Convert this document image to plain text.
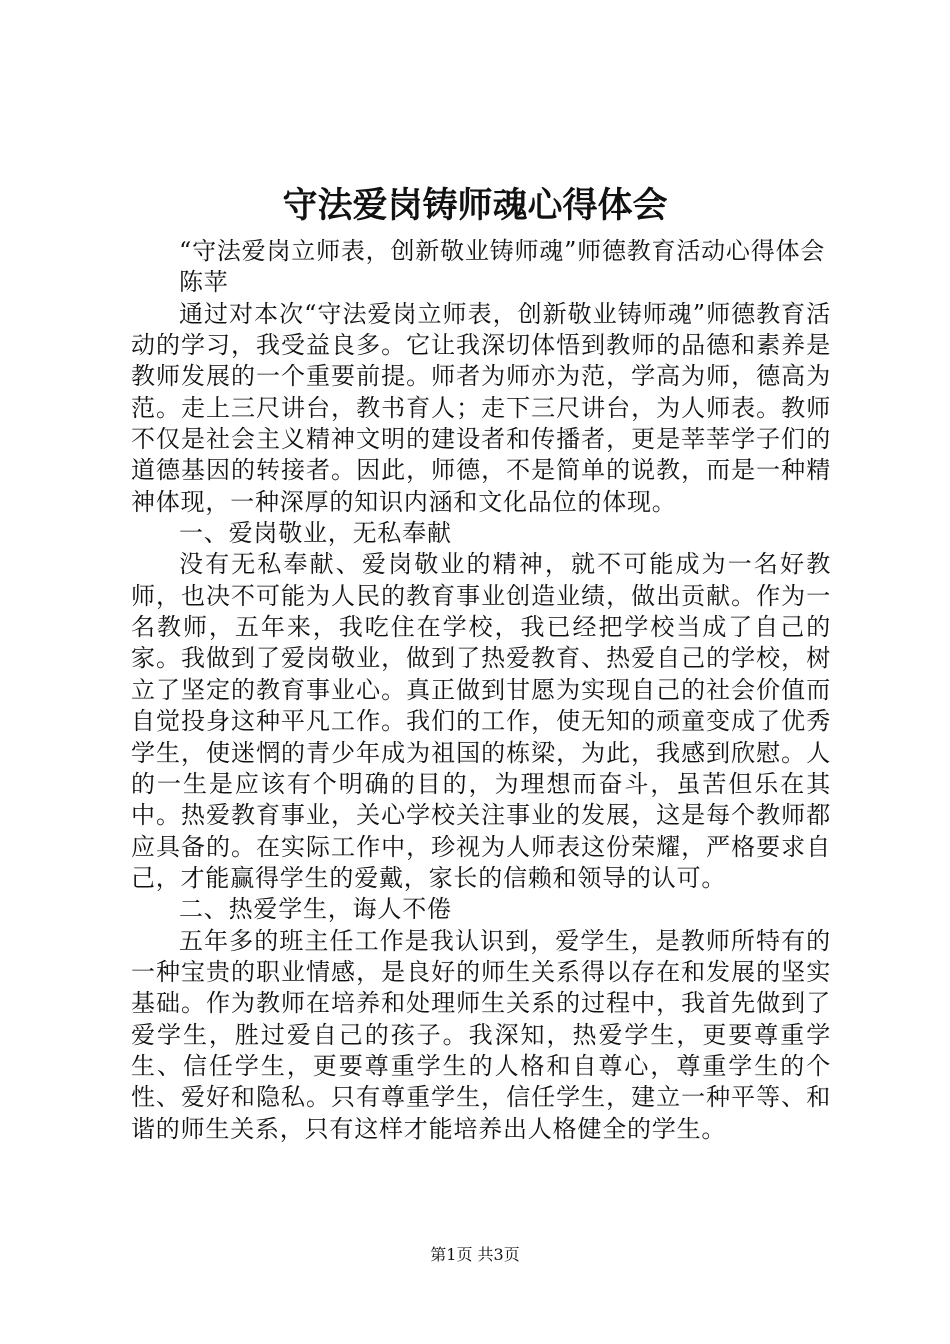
守法爱岗铸师魂心得体会

“守法爱岗立师表，创新敬业铸师魂”师德教育活动心得体会

陈苹

通过对本次“守法爱岗立师表，创新敬业铸师魂”师德教育活动的学习，我受益良多。它让我深切体悟到教师的品德和素养是教师发展的一个重要前提。师者为师亦为范，学高为师，德高为范。走上三尺讲台，教书育人；走下三尺讲台，为人师表。教师不仅是社会主义精神文明的建设者和传播者，更是莘莘学子们的道德基因的转接者。因此，师德，不是简单的说教，而是一种精神体现，一种深厚的知识内涵和文化品位的体现。

一、爱岗敬业，无私奉献

没有无私奉献、爱岗敬业的精神，就不可能成为一名好教师，也决不可能为人民的教育事业创造业绩，做出贡献。作为一名教师，五年来，我吃住在学校，我已经把学校当成了自己的家。我做到了爱岗敬业，做到了热爱教育、热爱自己的学校，树立了坚定的教育事业心。真正做到甘愿为实现自己的社会价值而自觉投身这种平凡工作。我们的工作，使无知的顽童变成了优秀学生，使迷惘的青少年成为祖国的栋梁，为此，我感到欣慰。人的一生是应该有个明确的目的，为理想而奋斗，虽苦但乐在其中。热爱教育事业，关心学校关注事业的发展，这是每个教师都应具备的。在实际工作中，珍视为人师表这份荣耀，严格要求自己，才能赢得学生的爱戴，家长的信赖和领导的认可。

二、热爱学生，诲人不倦

五年多的班主任工作是我认识到，爱学生，是教师所特有的一种宝贵的职业情感，是良好的师生关系得以存在和发展的坚实基础。作为教师在培养和处理师生关系的过程中，我首先做到了爱学生，胜过爱自己的孩子。我深知，热爱学生，更要尊重学生、信任学生，更要尊重学生的人格和自尊心，尊重学生的个性、爱好和隐私。只有尊重学生，信任学生，建立一种平等、和谐的师生关系，只有这样才能培养出人格健全的学生。

第1页 共3页
